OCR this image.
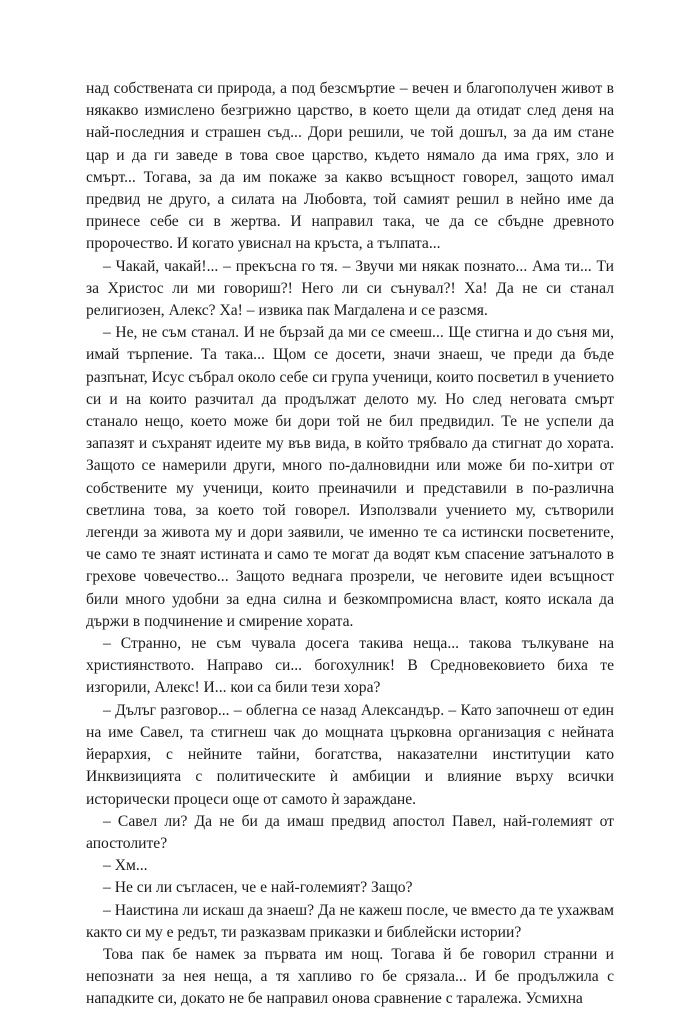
над собствената си природа, а под безсмъртие – вечен и благополучен живот в някакво измислено безгрижно царство, в което щели да отидат след деня на най-последния и страшен съд... Дори решили, че той дошъл, за да им стане цар и да ги заведе в това свое царство, където нямало да има грях, зло и смърт... Тогава, за да им покаже за какво всъщност говорел, защото имал предвид не друго, а силата на Любовта, той самият решил в нейно име да принесе себе си в жертва. И направил така, че да се сбъдне древното пророчество. И когато увиснал на кръста, а тълпата...

– Чакай, чакай!... – прекъсна го тя. – Звучи ми някак познато... Ама ти... Ти за Христос ли ми говориш?! Него ли си сънувал?! Ха! Да не си станал религиозен, Алекс? Ха! – извика пак Магдалена и се разсмя.

– Не, не съм станал. И не бързай да ми се смееш... Ще стигна и до съня ми, имай търпение. Та така... Щом се досети, значи знаеш, че преди да бъде разпънат, Исус събрал около себе си група ученици, които посветил в учението си и на които разчитал да продължат делото му. Но след неговата смърт станало нещо, което може би дори той не бил предвидил. Те не успели да запазят и съхранят идеите му във вида, в който трябвало да стигнат до хората. Защото се намерили други, много по-далновидни или може би по-хитри от собствените му ученици, които преиначили и представили в по-различна светлина това, за което той говорел. Използвали учението му, сътворили легенди за живота му и дори заявили, че именно те са истински посветените, че само те знаят истината и само те могат да водят към спасение затъналото в грехове човечество... Защото веднага прозрели, че неговите идеи всъщност били много удобни за една силна и безкомпромисна власт, която искала да държи в подчинение и смирение хората.

– Странно, не съм чувала досега такива неща... такова тълкуване на християнството. Направо си... богохулник! В Средновековието биха те изгорили, Алекс! И... кои са били тези хора?

– Дълъг разговор... – облегна се назад Александър. – Като започнеш от един на име Савел, та стигнеш чак до мощната църковна организация с нейната йерархия, с нейните тайни, богатства, наказателни институции като Инквизицията с политическите ѝ амбиции и влияние върху всички исторически процеси още от самото ѝ зараждане.

– Савел ли? Да не би да имаш предвид апостол Павел, най-големият от апостолите?

– Хм...

– Не си ли съгласен, че е най-големият? Защо?

– Наистина ли искаш да знаеш? Да не кажеш после, че вместо да те ухажвам както си му е редът, ти разказвам приказки и библейски истории?

Това пак бе намек за първата им нощ. Тогава й бе говорил странни и непознати за нея неща, а тя хапливо го бе срязала... И бе продължила с нападките си, докато не бе направил онова сравнение с таралежа. Усмихна
